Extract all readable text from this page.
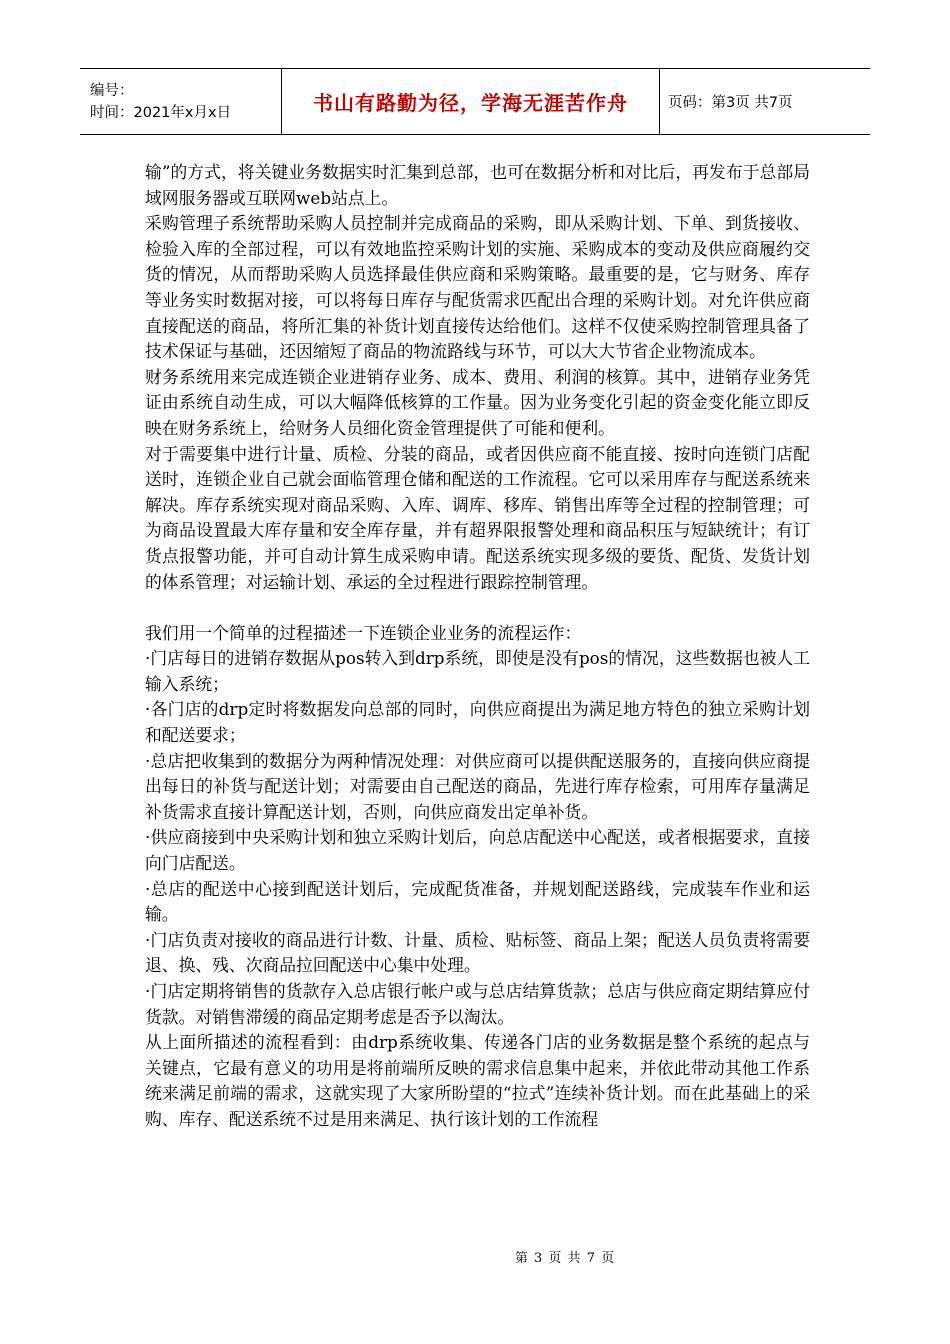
编号：
时间：2021年x月x日	书山有路勤为径，学海无涯苦作舟	页码：第3页 共7页

输”的方式，将关键业务数据实时汇集到总部，也可在数据分析和对比后，再发布于总部局域网服务器或互联网web站点上。

采购管理子系统帮助采购人员控制并完成商品的采购，即从采购计划、下单、到货接收、检验入库的全部过程，可以有效地监控采购计划的实施、采购成本的变动及供应商履约交货的情况，从而帮助采购人员选择最佳供应商和采购策略。最重要的是，它与财务、库存等业务实时数据对接，可以将每日库存与配货需求匹配出合理的采购计划。对允许供应商直接配送的商品，将所汇集的补货计划直接传达给他们。这样不仅使采购控制管理具备了技术保证与基础，还因缩短了商品的物流路线与环节，可以大大节省企业物流成本。

财务系统用来完成连锁企业进销存业务、成本、费用、利润的核算。其中，进销存业务凭证由系统自动生成，可以大幅降低核算的工作量。因为业务变化引起的资金变化能立即反映在财务系统上，给财务人员细化资金管理提供了可能和便利。

对于需要集中进行计量、质检、分装的商品，或者因供应商不能直接、按时向连锁门店配送时，连锁企业自己就会面临管理仓储和配送的工作流程。它可以采用库存与配送系统来解决。库存系统实现对商品采购、入库、调库、移库、销售出库等全过程的控制管理；可为商品设置最大库存量和安全库存量，并有超界限报警处理和商品积压与短缺统计；有订货点报警功能，并可自动计算生成采购申请。配送系统实现多级的要货、配货、发货计划的体系管理；对运输计划、承运的全过程进行跟踪控制管理。

我们用一个简单的过程描述一下连锁企业业务的流程运作：

·门店每日的进销存数据从pos转入到drp系统，即使是没有pos的情况，这些数据也被人工输入系统；

·各门店的drp定时将数据发向总部的同时，向供应商提出为满足地方特色的独立采购计划和配送要求；

·总店把收集到的数据分为两种情况处理：对供应商可以提供配送服务的，直接向供应商提出每日的补货与配送计划；对需要由自己配送的商品，先进行库存检索，可用库存量满足补货需求直接计算配送计划，否则，向供应商发出定单补货。

·供应商接到中央采购计划和独立采购计划后，向总店配送中心配送，或者根据要求，直接向门店配送。

·总店的配送中心接到配送计划后，完成配货准备，并规划配送路线，完成装车作业和运输。

·门店负责对接收的商品进行计数、计量、质检、贴标签、商品上架；配送人员负责将需要退、换、残、次商品拉回配送中心集中处理。

·门店定期将销售的货款存入总店银行帐户或与总店结算货款；总店与供应商定期结算应付货款。对销售滞缓的商品定期考虑是否予以淘汰。

从上面所描述的流程看到：由drp系统收集、传递各门店的业务数据是整个系统的起点与关键点，它最有意义的功用是将前端所反映的需求信息集中起来，并依此带动其他工作系统来满足前端的需求，这就实现了大家所盼望的“拉式”连续补货计划。而在此基础上的采购、库存、配送系统不过是用来满足、执行该计划的工作流程

第 3 页 共 7 页
